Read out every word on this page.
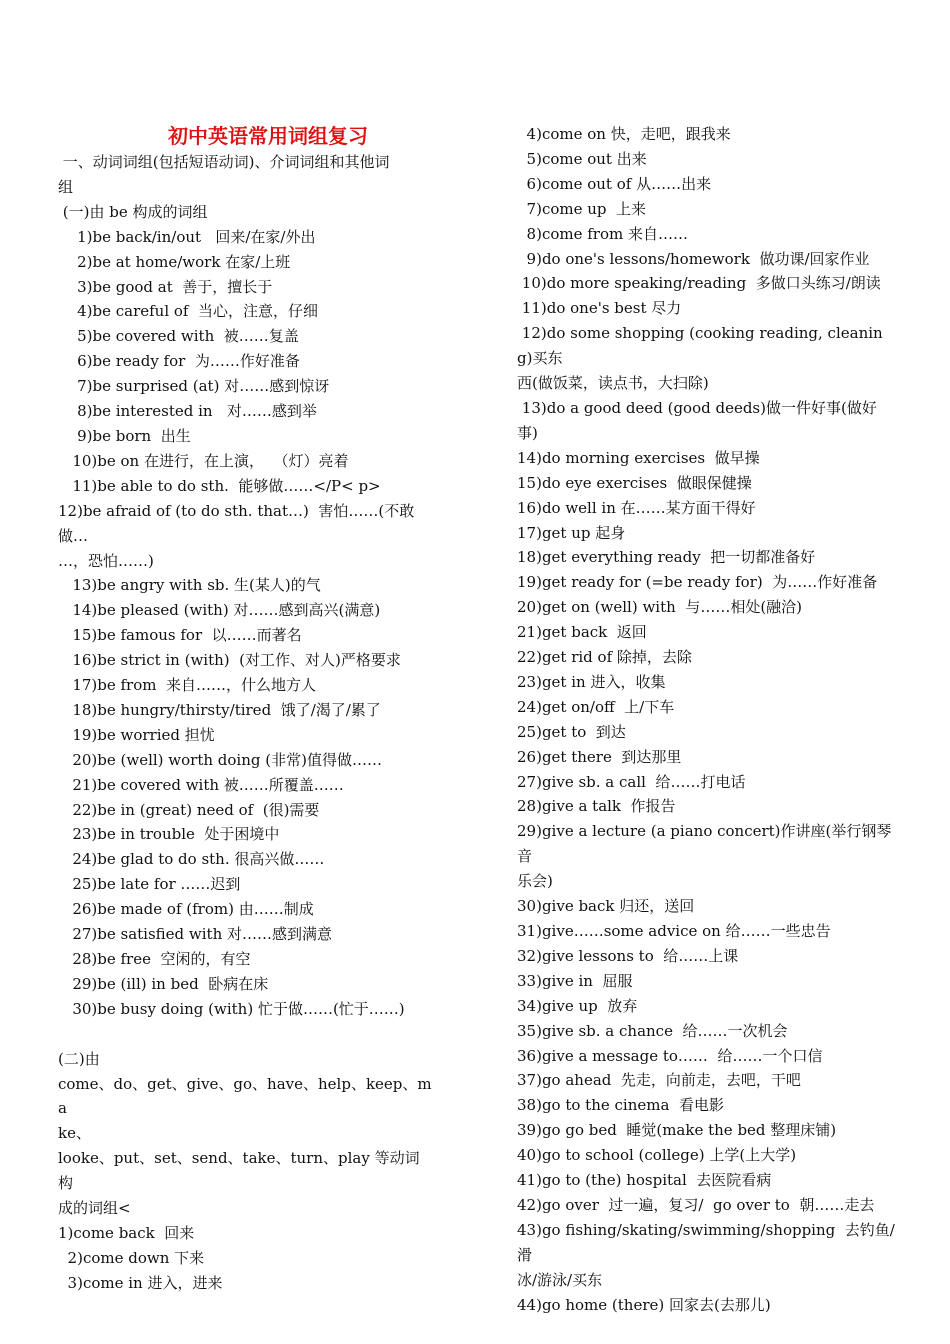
初中英语常用词组复习
一、动词词组(包括短语动词)、介词词组和其他词
组
(一)由 be 构成的词组
1)be back/in/out   回来/在家/外出
2)be at home/work 在家/上班
3)be good at  善于，擅长于
4)be careful of  当心，注意，仔细
5)be covered with  被……复盖
6)be ready for  为……作好准备
7)be surprised (at) 对……感到惊讶
8)be interested in   对……感到举
9)be born  出生
10)be on 在进行，在上演，  （灯）亮着
11)be able to do sth.  能够做……</P< p>
12)be afraid of (to do sth. that…)  害怕……(不敢做…
…，恐怕……)
13)be angry with sb. 生(某人)的气
14)be pleased (with) 对……感到高兴(满意)
15)be famous for  以……而著名
16)be strict in (with)  (对工作、对人)严格要求
17)be from  来自……，什么地方人
18)be hungry/thirsty/tired  饿了/渴了/累了
19)be worried 担忧
20)be (well) worth doing (非常)值得做……
21)be covered with 被……所覆盖……
22)be in (great) need of  (很)需要
23)be in trouble  处于困境中
24)be glad to do sth. 很高兴做……
25)be late for ……迟到
26)be made of (from) 由……制成
27)be satisfied with 对……感到满意
28)be free  空闲的，有空
29)be (ill) in bed  卧病在床
30)be busy doing (with) 忙于做……(忙于……)

(二)由
come、do、get、give、go、have、help、keep、ma
ke、
looke、put、set、send、take、turn、play 等动词构
成的词组<
1)come back  回来
2)come down 下来
3)come in 进入，进来
4)come on 快，走吧，跟我来
5)come out 出来
6)come out of 从……出来
7)come up  上来
8)come from 来自……
9)do one's lessons/homework  做功课/回家作业
10)do more speaking/reading  多做口头练习/朗读
11)do one's best 尽力
12)do some shopping (cooking reading, cleaning)买东
西(做饭菜，读点书，大扫除)
13)do a good deed (good deeds)做一件好事(做好事)
14)do morning exercises  做早操
15)do eye exercises  做眼保健操
16)do well in 在……某方面干得好
17)get up 起身
18)get everything ready  把一切都准备好
19)get ready for (=be ready for)  为……作好准备
20)get on (well) with  与……相处(融洽)
21)get back  返回
22)get rid of 除掉，去除
23)get in 进入，收集
24)get on/off  上/下车
25)get to  到达
26)get there  到达那里
27)give sb. a call  给……打电话
28)give a talk  作报告
29)give a lecture (a piano concert)作讲座(举行钢琴音
乐会)
30)give back 归还，送回
31)give……some advice on 给……一些忠告
32)give lessons to  给……上课
33)give in  屈服
34)give up  放弃
35)give sb. a chance  给……一次机会
36)give a message to……  给……一个口信
37)go ahead  先走，向前走，去吧，干吧
38)go to the cinema  看电影
39)go go bed  睡觉(make the bed 整理床铺)
40)go to school (college) 上学(上大学)
41)go to (the) hospital  去医院看病
42)go over  过一遍，复习/  go over to  朝……走去
43)go fishing/skating/swimming/shopping  去钓鱼/滑
冰/游泳/买东
44)go home (there) 回家去(去那儿)
